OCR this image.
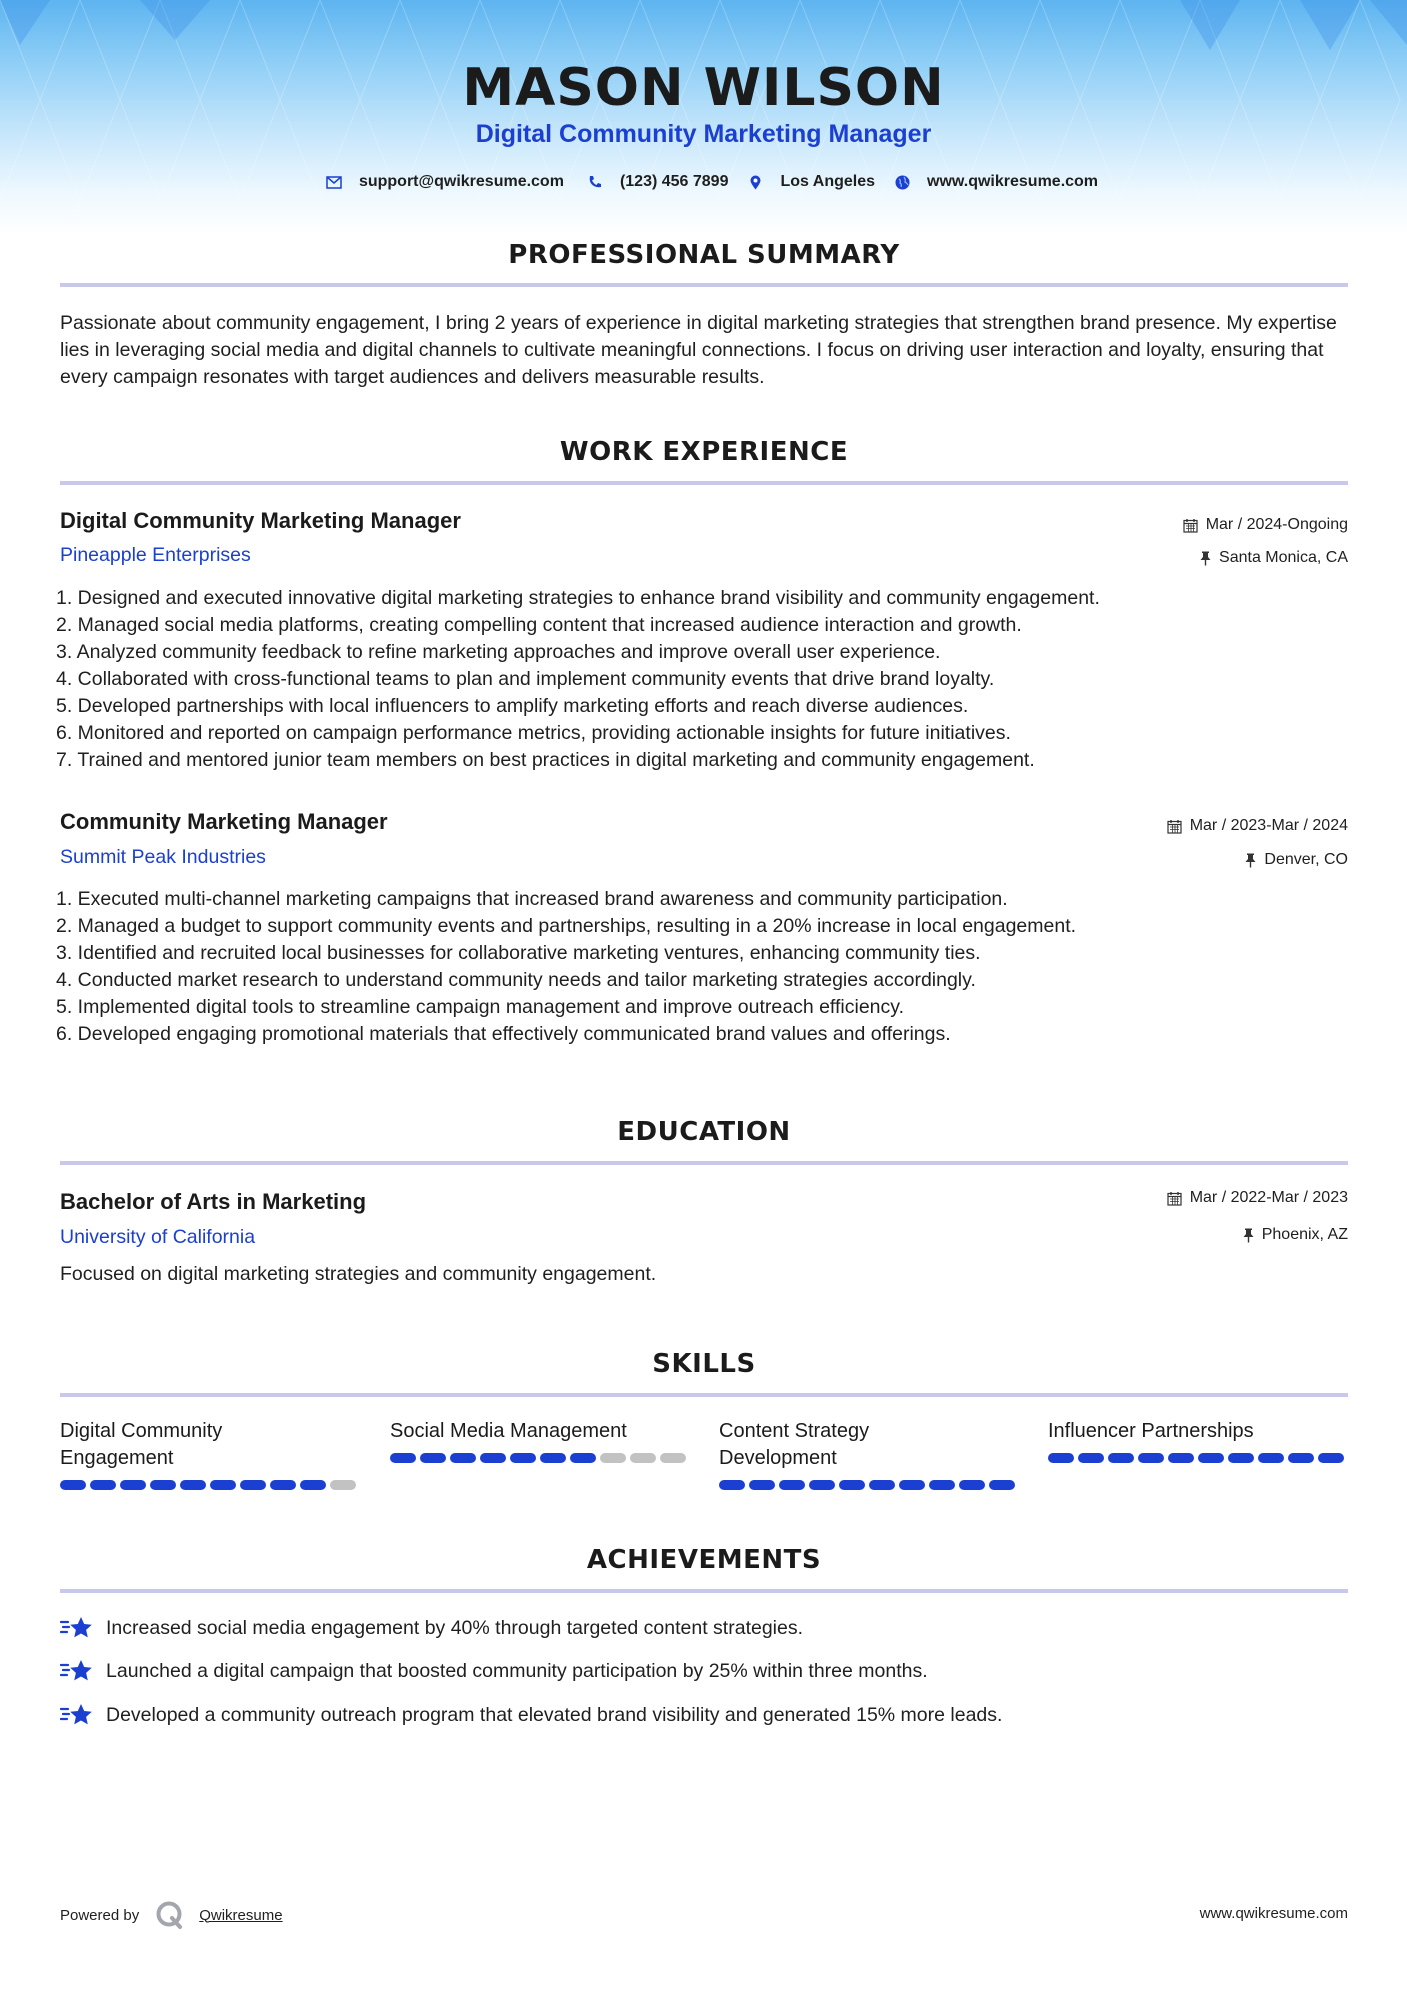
MASON WILSON
Digital Community Marketing Manager
support@qwikresume.com	(123) 456 7899	Los Angeles	www.qwikresume.com
PROFESSIONAL SUMMARY
Passionate about community engagement, I bring 2 years of experience in digital marketing strategies that strengthen brand presence. My expertise lies in leveraging social media and digital channels to cultivate meaningful connections. I focus on driving user interaction and loyalty, ensuring that every campaign resonates with target audiences and delivers measurable results.
WORK EXPERIENCE
Digital Community Marketing Manager
Pineapple Enterprises
Mar / 2024-Ongoing
Santa Monica, CA
1. Designed and executed innovative digital marketing strategies to enhance brand visibility and community engagement.
2. Managed social media platforms, creating compelling content that increased audience interaction and growth.
3. Analyzed community feedback to refine marketing approaches and improve overall user experience.
4. Collaborated with cross-functional teams to plan and implement community events that drive brand loyalty.
5. Developed partnerships with local influencers to amplify marketing efforts and reach diverse audiences.
6. Monitored and reported on campaign performance metrics, providing actionable insights for future initiatives.
7. Trained and mentored junior team members on best practices in digital marketing and community engagement.
Community Marketing Manager
Summit Peak Industries
Mar / 2023-Mar / 2024
Denver, CO
1. Executed multi-channel marketing campaigns that increased brand awareness and community participation.
2. Managed a budget to support community events and partnerships, resulting in a 20% increase in local engagement.
3. Identified and recruited local businesses for collaborative marketing ventures, enhancing community ties.
4. Conducted market research to understand community needs and tailor marketing strategies accordingly.
5. Implemented digital tools to streamline campaign management and improve outreach efficiency.
6. Developed engaging promotional materials that effectively communicated brand values and offerings.
EDUCATION
Bachelor of Arts in Marketing
University of California
Mar / 2022-Mar / 2023
Phoenix, AZ
Focused on digital marketing strategies and community engagement.
SKILLS
Digital Community
Engagement
Social Media Management	Content Strategy
Development
Influencer Partnerships
ACHIEVEMENTS
Increased social media engagement by 40% through targeted content strategies.
Launched a digital campaign that boosted community participation by 25% within three months.
Developed a community outreach program that elevated brand visibility and generated 15% more leads.
Powered by	Qwikresume	www.qwikresume.com
